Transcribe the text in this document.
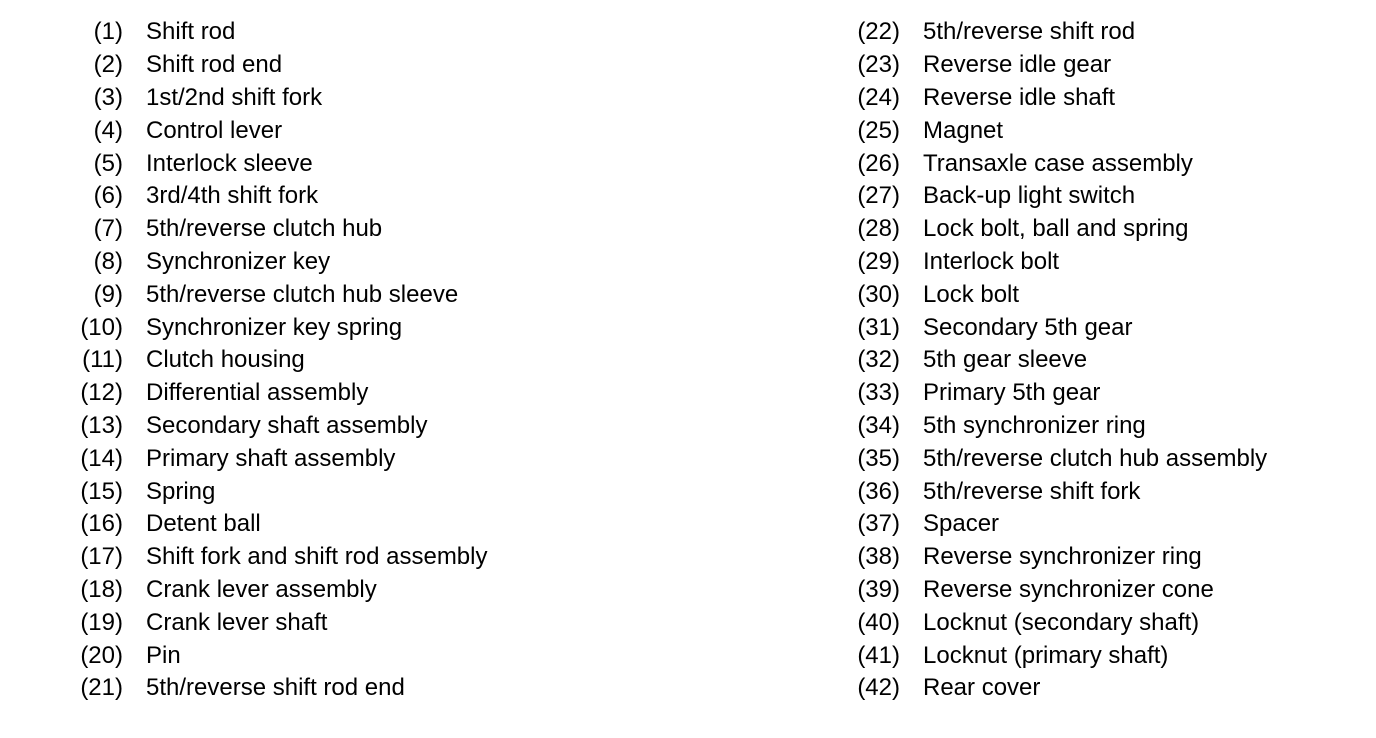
(1) Shift rod
(2) Shift rod end
(3) 1st/2nd shift fork
(4) Control lever
(5) Interlock sleeve
(6) 3rd/4th shift fork
(7) 5th/reverse clutch hub
(8) Synchronizer key
(9) 5th/reverse clutch hub sleeve
(10) Synchronizer key spring
(11) Clutch housing
(12) Differential assembly
(13) Secondary shaft assembly
(14) Primary shaft assembly
(15) Spring
(16) Detent ball
(17) Shift fork and shift rod assembly
(18) Crank lever assembly
(19) Crank lever shaft
(20) Pin
(21) 5th/reverse shift rod end
(22) 5th/reverse shift rod
(23) Reverse idle gear
(24) Reverse idle shaft
(25) Magnet
(26) Transaxle case assembly
(27) Back-up light switch
(28) Lock bolt, ball and spring
(29) Interlock bolt
(30) Lock bolt
(31) Secondary 5th gear
(32) 5th gear sleeve
(33) Primary 5th gear
(34) 5th synchronizer ring
(35) 5th/reverse clutch hub assembly
(36) 5th/reverse shift fork
(37) Spacer
(38) Reverse synchronizer ring
(39) Reverse synchronizer cone
(40) Locknut (secondary shaft)
(41) Locknut (primary shaft)
(42) Rear cover
